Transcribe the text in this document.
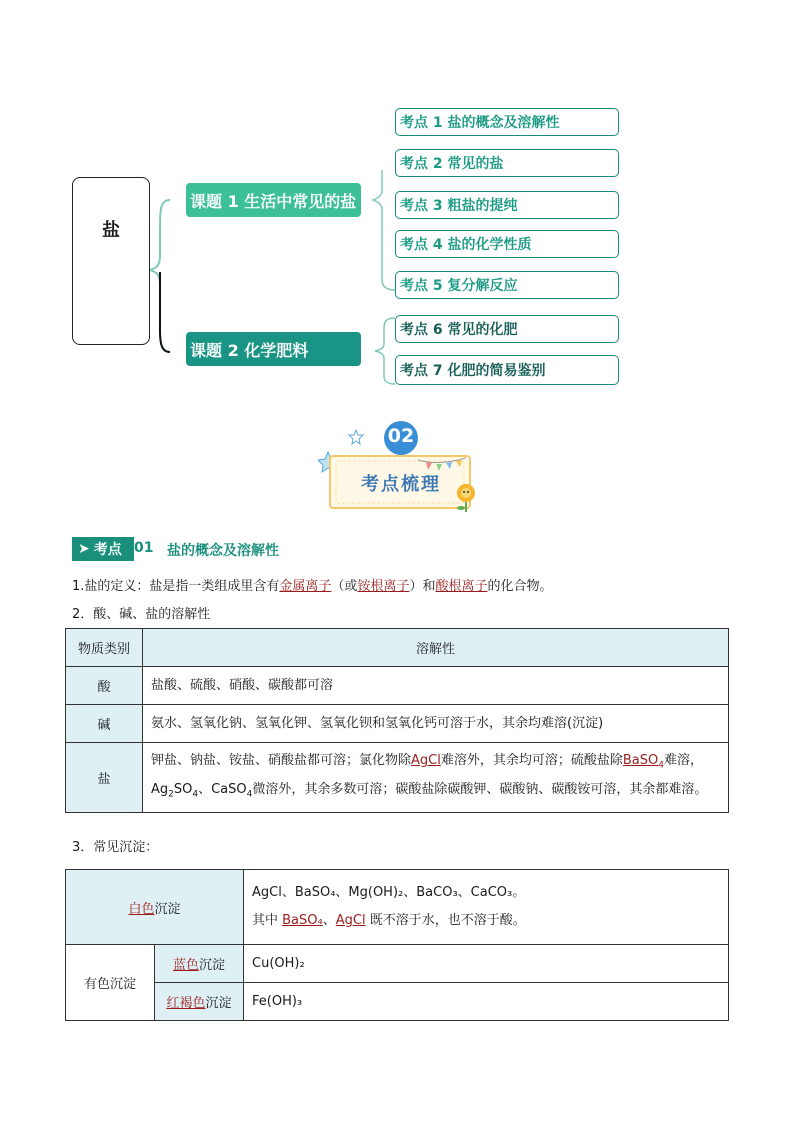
盐
课题 1 生活中常见的盐
课题 2 化学肥料
考点 1 盐的概念及溶解性
考点 2 常见的盐
考点 3 粗盐的提纯
考点 4 盐的化学性质
考点 5 复分解反应
考点 6 常见的化肥
考点 7 化肥的简易鉴别
02
考点梳理
➤ 考点 01 盐的概念及溶解性
1.盐的定义：盐是指一类组成里含有金属离子（或铵根离子）和酸根离子的化合物。
2．酸、碱、盐的溶解性
物质类别	溶解性
酸	盐酸、硫酸、硝酸、碳酸都可溶
碱	氨水、氢氧化钠、氢氧化钾、氢氧化钡和氢氧化钙可溶于水，其余均难溶(沉淀)
盐	钾盐、钠盐、铵盐、硝酸盐都可溶；氯化物除AgCl难溶外，其余均可溶；硫酸盐除BaSO$_4$难溶，$Ag_2SO_4$、CaSO$_4$微溶外，其余多数可溶；碳酸盐除碳酸钾、碳酸钠、碳酸铵可溶，其余都难溶。
3．常见沉淀：
白色沉淀		AgCl、BaSO₄、Mg(OH)₂、BaCO₃、CaCO₃。
其中 BaSO₄、AgCl 既不溶于水，也不溶于酸。

有色沉淀	蓝色沉淀	Cu(OH)₂
	红褐色沉淀	Fe(OH)₃
